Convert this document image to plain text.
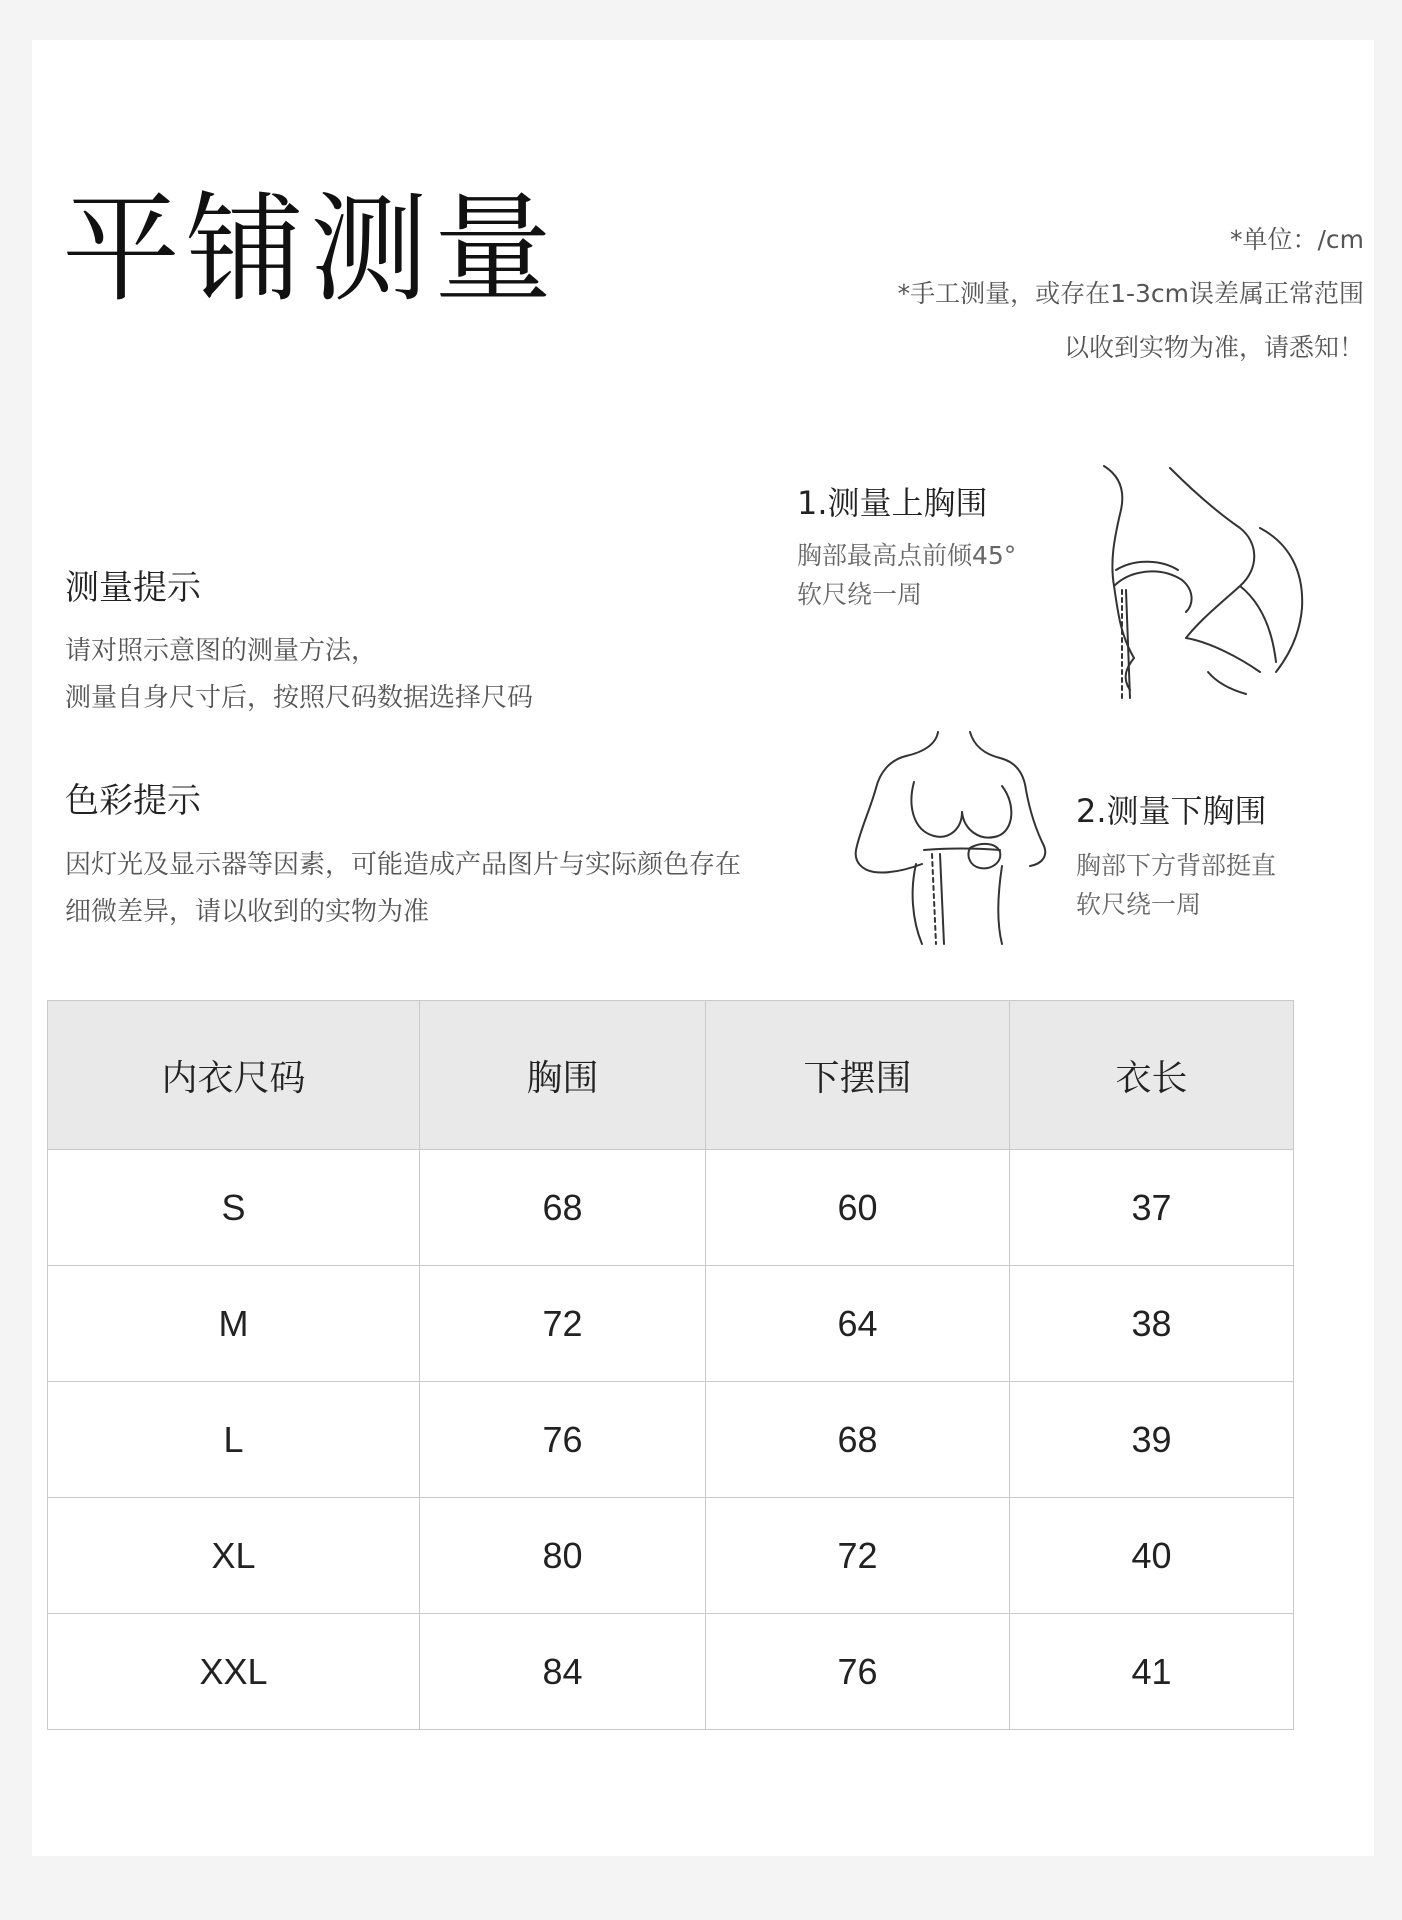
平铺测量	*单位：/cm
*手工测量，或存在1-3cm误差属正常范围
以收到实物为准，请悉知！
测量提示
请对照示意图的测量方法，
测量自身尺寸后，按照尺码数据选择尺码
色彩提示
因灯光及显示器等因素，可能造成产品图片与实际颜色存在
细微差异，请以收到的实物为准
1.测量上胸围
胸部最高点前倾45°
软尺绕一周
2.测量下胸围
胸部下方背部挺直
软尺绕一周
内衣尺码	胸围	下摆围	衣长
S	68	60	37
M	72	64	38
L	76	68	39
XL	80	72	40
XXL	84	76	41
